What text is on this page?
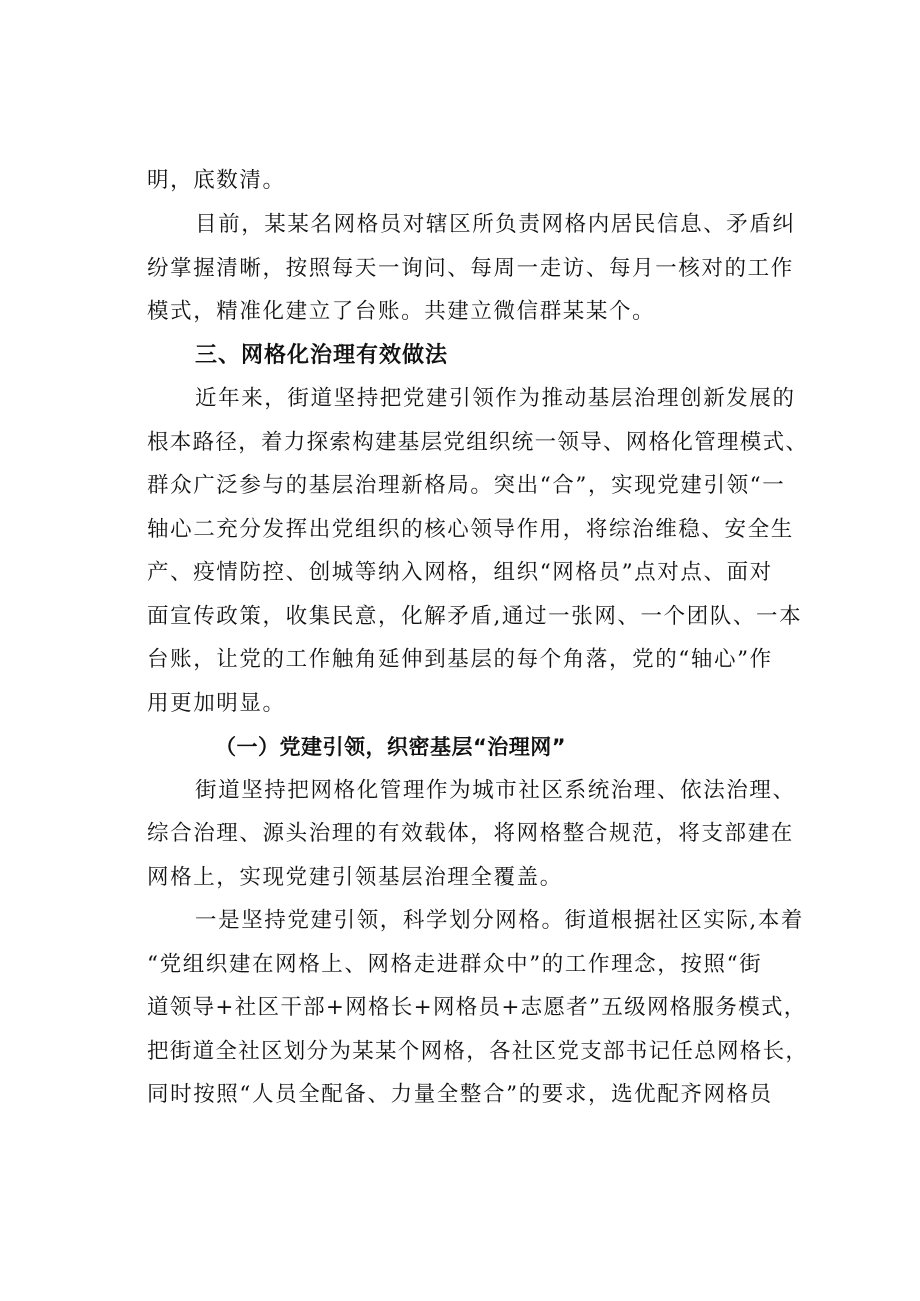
明，底数清。
目前，某某名网格员对辖区所负责网格内居民信息、矛盾纠
纷掌握清晰，按照每天一询问、每周一走访、每月一核对的工作
模式，精准化建立了台账。共建立微信群某某个。
三、网格化治理有效做法
近年来，街道坚持把党建引领作为推动基层治理创新发展的
根本路径，着力探索构建基层党组织统一领导、网格化管理模式、
群众广泛参与的基层治理新格局。突出“合”，实现党建引领“一
轴心二充分发挥出党组织的核心领导作用，将综治维稳、安全生
产、疫情防控、创城等纳入网格，组织“网格员”点对点、面对
面宣传政策，收集民意，化解矛盾,通过一张网、一个团队、一本
台账，让党的工作触角延伸到基层的每个角落，党的“轴心”作
用更加明显。
（一）党建引领，织密基层“治理网”
街道坚持把网格化管理作为城市社区系统治理、依法治理、
综合治理、源头治理的有效载体，将网格整合规范，将支部建在
网格上，实现党建引领基层治理全覆盖。
一是坚持党建引领，科学划分网格。街道根据社区实际,本着
“党组织建在网格上、网格走进群众中”的工作理念，按照“街
道领导+社区干部+网格长+网格员+志愿者”五级网格服务模式，
把街道全社区划分为某某个网格，各社区党支部书记任总网格长，
同时按照“人员全配备、力量全整合”的要求，选优配齐网格员
